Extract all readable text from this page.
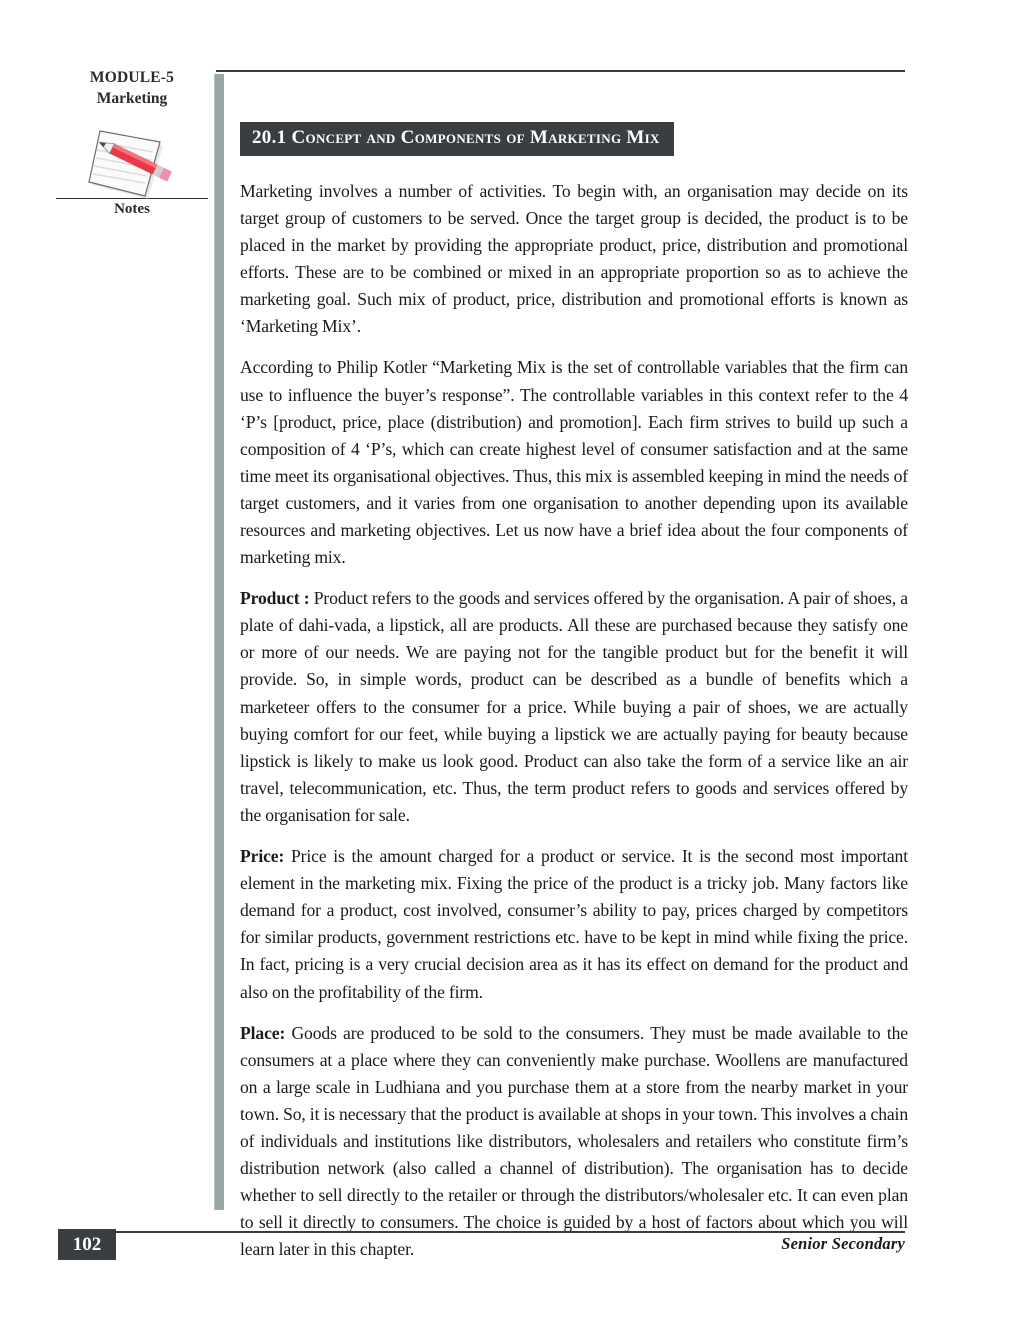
MODULE-5
Marketing
Notes
20.1 Concept and Components of Marketing Mix

Marketing involves a number of activities. To begin with, an organisation may decide on its target group of customers to be served. Once the target group is decided, the product is to be placed in the market by providing the appropriate product, price, distribution and promotional efforts. These are to be combined or mixed in an appropriate proportion so as to achieve the marketing goal. Such mix of product, price, distribution and promotional efforts is known as ‘Marketing Mix’.

According to Philip Kotler “Marketing Mix is the set of controllable variables that the firm can use to influence the buyer’s response”. The controllable variables in this context refer to the 4 ‘P’s [product, price, place (distribution) and promotion]. Each firm strives to build up such a composition of 4 ‘P’s, which can create highest level of consumer satisfaction and at the same time meet its organisational objectives. Thus, this mix is assembled keeping in mind the needs of target customers, and it varies from one organisation to another depending upon its available resources and marketing objectives. Let us now have a brief idea about the four components of marketing mix.

Product : Product refers to the goods and services offered by the organisation. A pair of shoes, a plate of dahi-vada, a lipstick, all are products. All these are purchased because they satisfy one or more of our needs. We are paying not for the tangible product but for the benefit it will provide. So, in simple words, product can be described as a bundle of benefits which a marketeer offers to the consumer for a price. While buying a pair of shoes, we are actually buying comfort for our feet, while buying a lipstick we are actually paying for beauty because lipstick is likely to make us look good. Product can also take the form of a service like an air travel, telecommunication, etc. Thus, the term product refers to goods and services offered by the organisation for sale.

Price: Price is the amount charged for a product or service. It is the second most important element in the marketing mix. Fixing the price of the product is a tricky job. Many factors like demand for a product, cost involved, consumer’s ability to pay, prices charged by competitors for similar products, government restrictions etc. have to be kept in mind while fixing the price. In fact, pricing is a very crucial decision area as it has its effect on demand for the product and also on the profitability of the firm.

Place: Goods are produced to be sold to the consumers. They must be made available to the consumers at a place where they can conveniently make purchase. Woollens are manufactured on a large scale in Ludhiana and you purchase them at a store from the nearby market in your town. So, it is necessary that the product is available at shops in your town. This involves a chain of individuals and institutions like distributors, wholesalers and retailers who constitute firm’s distribution network (also called a channel of distribution). The organisation has to decide whether to sell directly to the retailer or through the distributors/wholesaler etc. It can even plan to sell it directly to consumers. The choice is guided by a host of factors about which you will learn later in this chapter.

102	Senior Secondary
